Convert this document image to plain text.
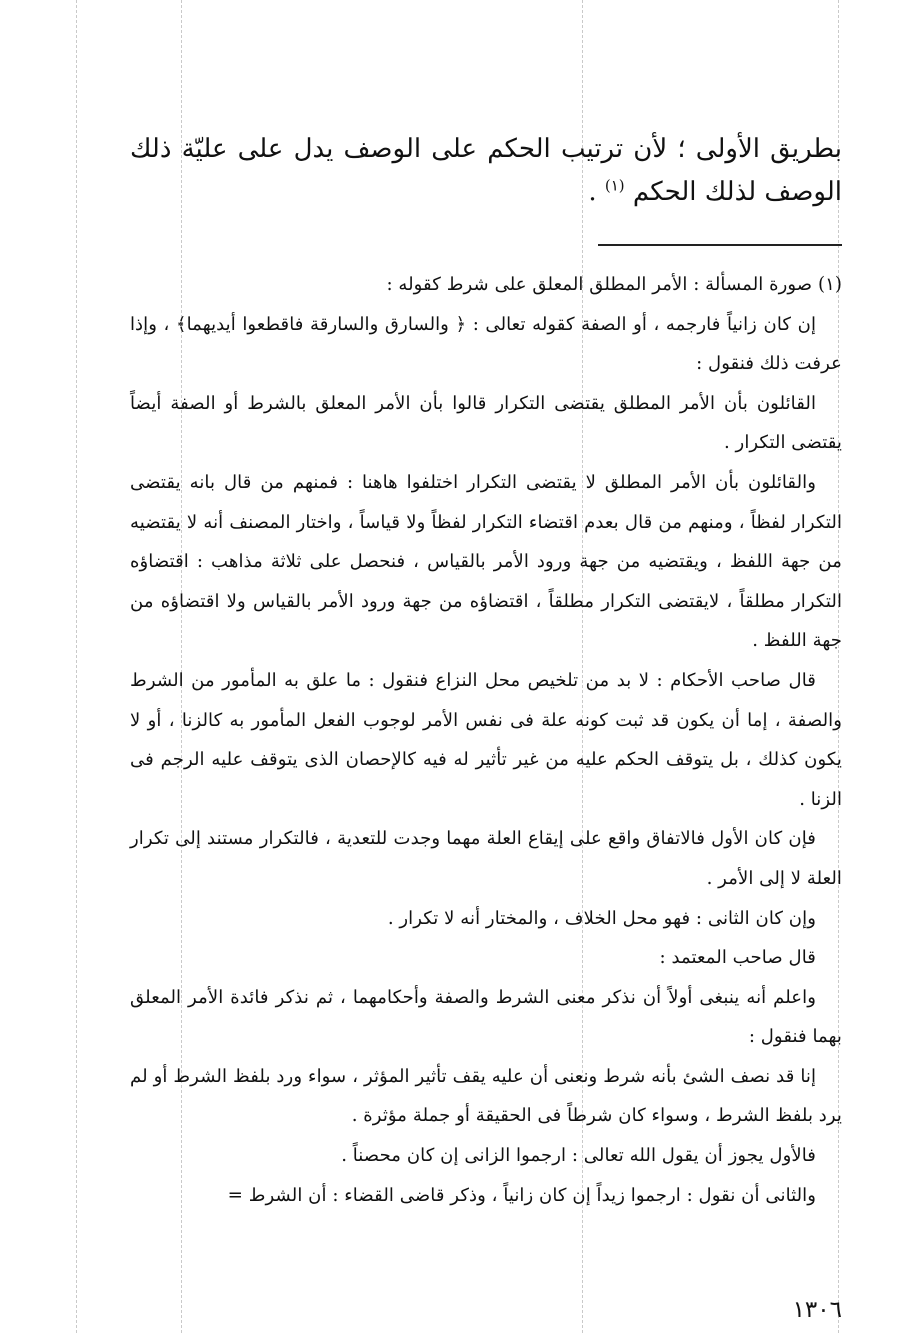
بطريق الأولى ؛ لأن ترتيب الحكم على الوصف يدل على عليّة ذلك الوصف لذلك الحكم $^{(١)}$ .

(١) صورة المسألة : الأمر المطلق المعلق على شرط كقوله :

إن كان زانياً فارجمه ، أو الصفة كقوله تعالى : ﴿ والسارق والسارقة فاقطعوا أيديهما﴾ ، وإذا عرفت ذلك فنقول :

القائلون بأن الأمر المطلق يقتضى التكرار قالوا بأن الأمر المعلق بالشرط أو الصفة أيضاً يقتضى التكرار .

والقائلون بأن الأمر المطلق لا يقتضى التكرار اختلفوا هاهنا : فمنهم من قال بانه يقتضى التكرار لفظاً ، ومنهم من قال بعدم اقتضاء التكرار لفظاً ولا قياساً ، واختار المصنف أنه لا يقتضيه من جهة اللفظ ، ويقتضيه من جهة ورود الأمر بالقياس ، فنحصل على ثلاثة مذاهب : اقتضاؤه التكرار مطلقاً ، لايقتضى التكرار مطلقاً ، اقتضاؤه من جهة ورود الأمر بالقياس ولا اقتضاؤه من جهة اللفظ .

قال صاحب الأحكام : لا بد من تلخيص محل النزاع فنقول : ما علق به المأمور من الشرط والصفة ، إما أن يكون قد ثبت كونه علة فى نفس الأمر لوجوب الفعل المأمور به كالزنا ، أو لا يكون كذلك ، بل يتوقف الحكم عليه من غير تأثير له فيه كالإحصان الذى يتوقف عليه الرجم فى الزنا .

فإن كان الأول فالاتفاق واقع على إيقاع العلة مهما وجدت للتعدية ، فالتكرار مستند إلى تكرار العلة لا إلى الأمر .

وإن كان الثانى : فهو محل الخلاف ، والمختار أنه لا تكرار .

قال صاحب المعتمد :

واعلم أنه ينبغى أولاً أن نذكر معنى الشرط والصفة وأحكامهما ، ثم نذكر فائدة الأمر المعلق بهما فنقول :

إنا قد نصف الشئ بأنه شرط ونعنى أن عليه يقف تأثير المؤثر ، سواء ورد بلفظ الشرط أو لم يرد بلفظ الشرط ، وسواء كان شرطاً فى الحقيقة أو جملة مؤثرة .

فالأول يجوز أن يقول الله تعالى : ارجموا الزانى إن كان محصناً .

والثانى أن نقول : ارجموا زيداً إن كان زانياً ، وذكر قاضى القضاء : أن الشرط =

١٣٠٦
